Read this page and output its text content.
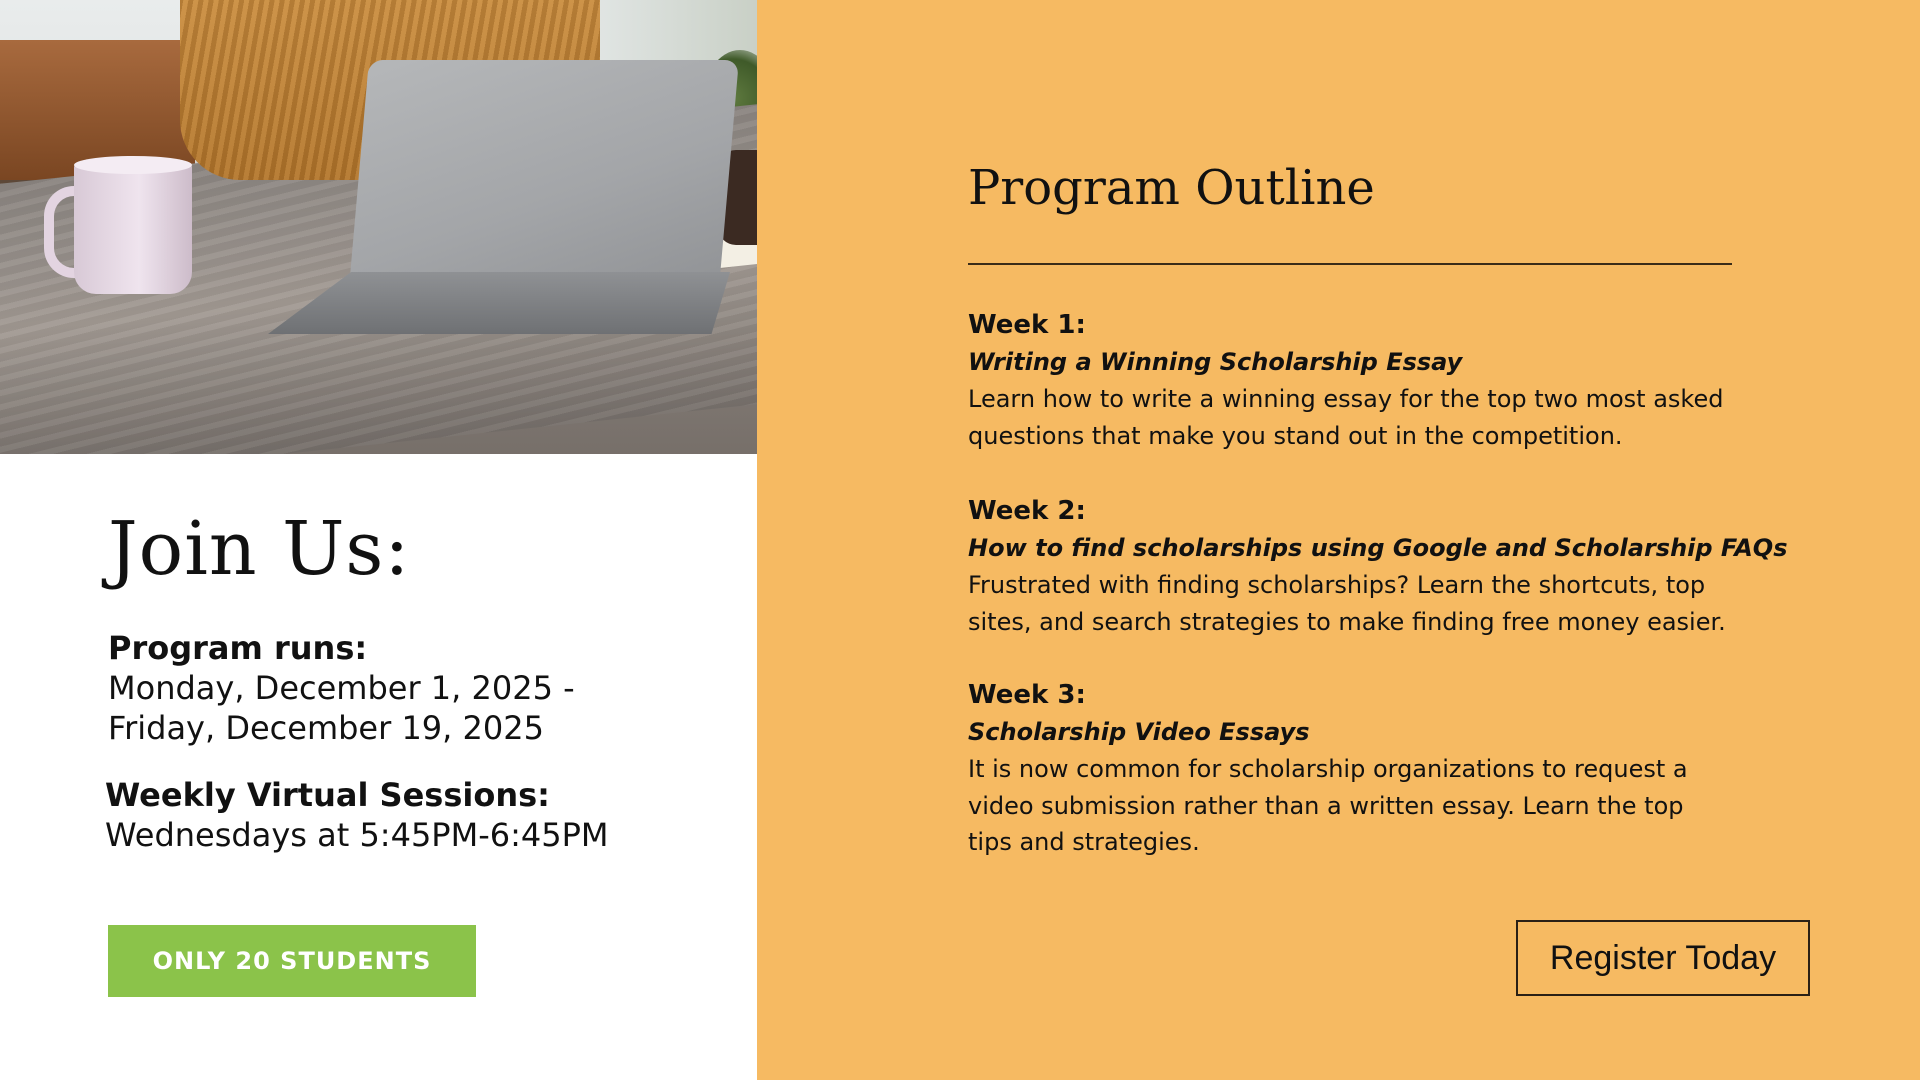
Join Us:
Program runs:
Monday, December 1, 2025 -
Friday, December 19, 2025
Weekly Virtual Sessions:
Wednesdays at 5:45PM-6:45PM
ONLY 20 STUDENTS
Program Outline
Week 1:
Writing a Winning Scholarship Essay
Learn how to write a winning essay for the top two most asked
questions that make you stand out in the competition.
Week 2:
How to find scholarships using Google and Scholarship FAQs
Frustrated with finding scholarships? Learn the shortcuts, top
sites, and search strategies to make finding free money easier.
Week 3:
Scholarship Video Essays
It is now common for scholarship organizations to request a
video submission rather than a written essay. Learn the top
tips and strategies.
Register Today
